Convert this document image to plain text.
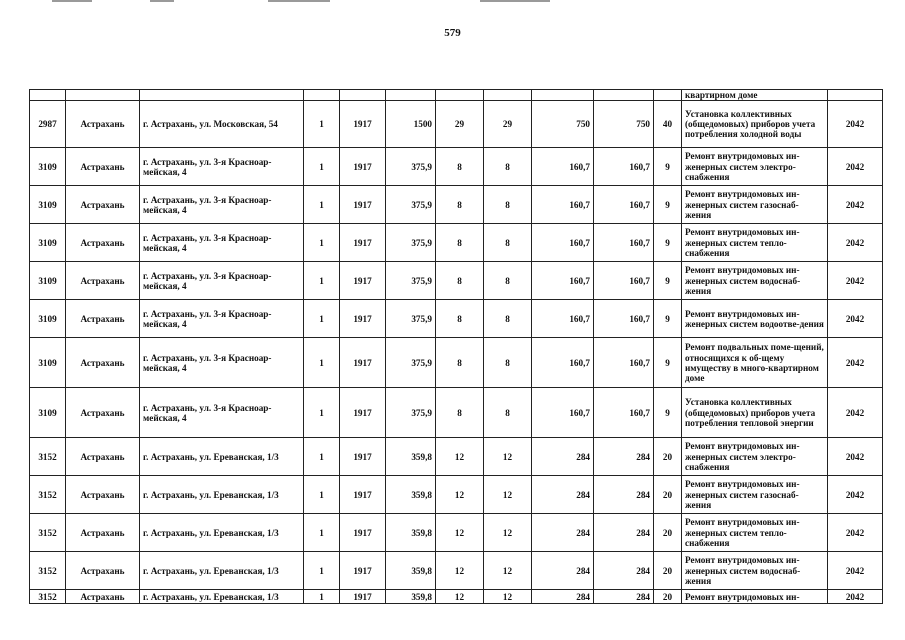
579
											квартирном доме	
2987	Астрахань	г. Астрахань, ул. Московская, 54	1	1917	1500	29	29	750	750	40	Установка коллективных (общедомовых) приборов учета потребления холодной воды	2042
3109	Астрахань	г. Астрахань, ул. 3-я Красноар-мейская, 4	1	1917	375,9	8	8	160,7	160,7	9	Ремонт внутридомовых ин-женерных систем электро-снабжения	2042
3109	Астрахань	г. Астрахань, ул. 3-я Красноар-мейская, 4	1	1917	375,9	8	8	160,7	160,7	9	Ремонт внутридомовых ин-женерных систем газоснаб-жения	2042
3109	Астрахань	г. Астрахань, ул. 3-я Красноар-мейская, 4	1	1917	375,9	8	8	160,7	160,7	9	Ремонт внутридомовых ин-женерных систем тепло-снабжения	2042
3109	Астрахань	г. Астрахань, ул. 3-я Красноар-мейская, 4	1	1917	375,9	8	8	160,7	160,7	9	Ремонт внутридомовых ин-женерных систем водоснаб-жения	2042
3109	Астрахань	г. Астрахань, ул. 3-я Красноар-мейская, 4	1	1917	375,9	8	8	160,7	160,7	9	Ремонт внутридомовых ин-женерных систем водоотве-дения	2042
3109	Астрахань	г. Астрахань, ул. 3-я Красноар-мейская, 4	1	1917	375,9	8	8	160,7	160,7	9	Ремонт подвальных поме-щений, относящихся к об-щему имуществу в много-квартирном доме	2042
3109	Астрахань	г. Астрахань, ул. 3-я Красноар-мейская, 4	1	1917	375,9	8	8	160,7	160,7	9	Установка коллективных (общедомовых) приборов учета потребления тепловой энергии	2042
3152	Астрахань	г. Астрахань, ул. Ереванская, 1/3	1	1917	359,8	12	12	284	284	20	Ремонт внутридомовых ин-женерных систем электро-снабжения	2042
3152	Астрахань	г. Астрахань, ул. Ереванская, 1/3	1	1917	359,8	12	12	284	284	20	Ремонт внутридомовых ин-женерных систем газоснаб-жения	2042
3152	Астрахань	г. Астрахань, ул. Ереванская, 1/3	1	1917	359,8	12	12	284	284	20	Ремонт внутридомовых ин-женерных систем тепло-снабжения	2042
3152	Астрахань	г. Астрахань, ул. Ереванская, 1/3	1	1917	359,8	12	12	284	284	20	Ремонт внутридомовых ин-женерных систем водоснаб-жения	2042
3152	Астрахань	г. Астрахань, ул. Ереванская, 1/3	1	1917	359,8	12	12	284	284	20	Ремонт внутридомовых ин-	2042
